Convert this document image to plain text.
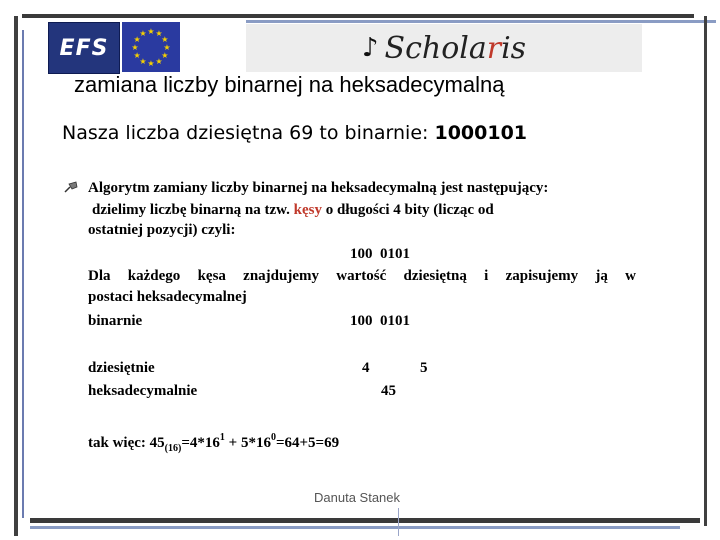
EFS	★
★
★
★
★
★
★
★
★ ★ ★
★	♪ Scholaris
zamiana liczby binarnej na heksadecymalną
Nasza liczba dziesiętna 69 to binarnie: 1000101
Algorytm zamiany liczby binarnej na heksadecymalną jest następujący:
dzielimy liczbę binarną na tzw. kęsy o długości 4 bity (licząc od
ostatniej pozycji) czyli:
100  0101
Dla każdego kęsa znajdujemy wartość dziesiętną i zapisujemy ją w
postaci heksadecymalnej
binarnie	100  0101
dziesiętnie	4	5
heksadecymalnie	45
tak więc: $45_{(16)}=4*16^1 + 5*16^0=64+5=69$
Danuta Stanek
